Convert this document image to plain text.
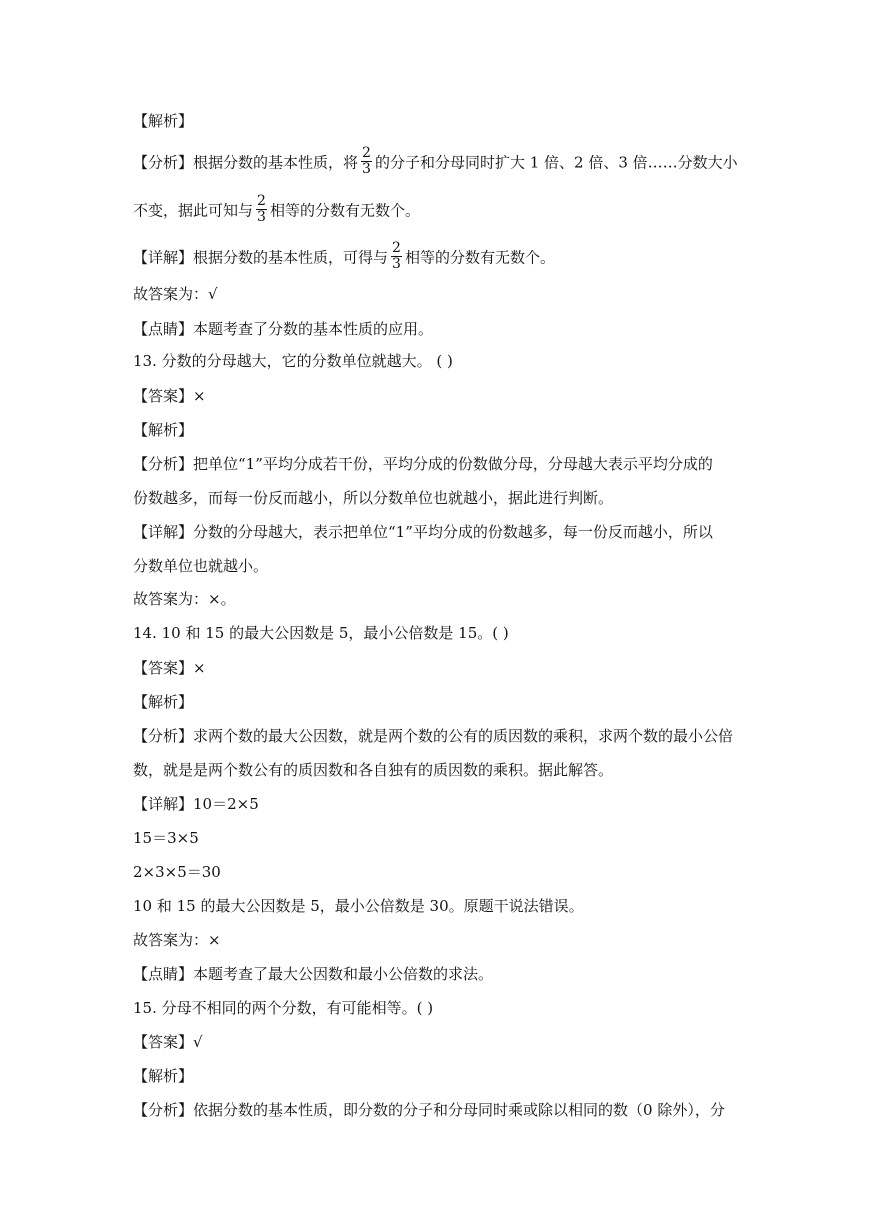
【解析】
【分析】根据分数的基本性质，将 $\frac{2}{3}$ 的分子和分母同时扩大 1 倍、2 倍、3 倍……分数大小
不变，据此可知与 $\frac{2}{3}$ 相等的分数有无数个。
【详解】根据分数的基本性质，可得与 $\frac{2}{3}$ 相等的分数有无数个。
故答案为：√
【点睛】本题考查了分数的基本性质的应用。
13. 分数的分母越大，它的分数单位就越大。 ( )
【答案】×
【解析】
【分析】把单位“1”平均分成若干份，平均分成的份数做分母，分母越大表示平均分成的
份数越多，而每一份反而越小，所以分数单位也就越小，据此进行判断。
【详解】分数的分母越大，表示把单位“1”平均分成的份数越多，每一份反而越小，所以
分数单位也就越小。
故答案为：×。
14. 10 和 15 的最大公因数是 5，最小公倍数是 15。( )
【答案】×
【解析】
【分析】求两个数的最大公因数，就是两个数的公有的质因数的乘积，求两个数的最小公倍
数，就是是两个数公有的质因数和各自独有的质因数的乘积。据此解答。
【详解】10＝2×5
15＝3×5
2×3×5＝30
10 和 15 的最大公因数是 5，最小公倍数是 30。原题干说法错误。
故答案为：×
【点睛】本题考查了最大公因数和最小公倍数的求法。
15. 分母不相同的两个分数，有可能相等。( )
【答案】√
【解析】
【分析】依据分数的基本性质，即分数的分子和分母同时乘或除以相同的数（0 除外），分
